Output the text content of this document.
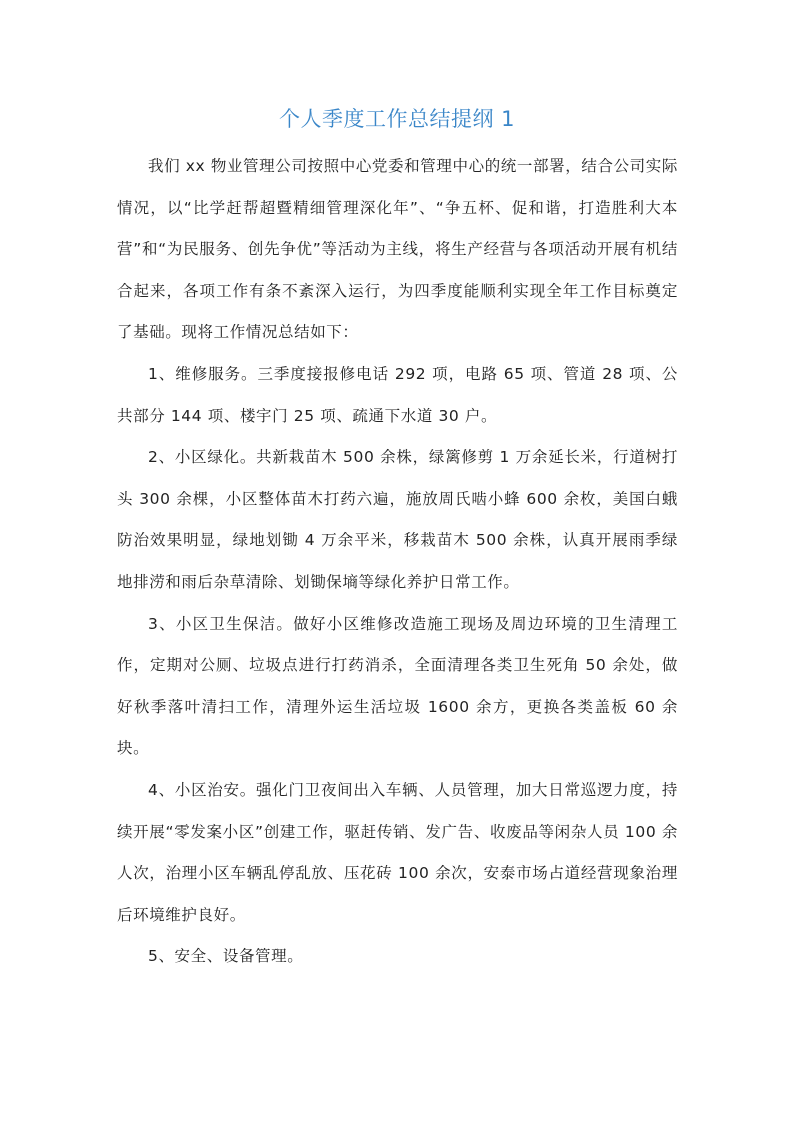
个人季度工作总结提纲 1

我们 xx 物业管理公司按照中心党委和管理中心的统一部署，结合公司实际情况，以“比学赶帮超暨精细管理深化年”、“争五杯、促和谐，打造胜利大本营”和“为民服务、创先争优”等活动为主线，将生产经营与各项活动开展有机结合起来，各项工作有条不紊深入运行，为四季度能顺利实现全年工作目标奠定了基础。现将工作情况总结如下：

1、维修服务。三季度接报修电话 292 项，电路 65 项、管道 28 项、公共部分 144 项、楼宇门 25 项、疏通下水道 30 户。

2、小区绿化。共新栽苗木 500 余株，绿篱修剪 1 万余延长米，行道树打头 300 余棵，小区整体苗木打药六遍，施放周氏啮小蜂 600 余枚，美国白蛾防治效果明显，绿地划锄 4 万余平米，移栽苗木 500 余株，认真开展雨季绿地排涝和雨后杂草清除、划锄保墒等绿化养护日常工作。

3、小区卫生保洁。做好小区维修改造施工现场及周边环境的卫生清理工作，定期对公厕、垃圾点进行打药消杀，全面清理各类卫生死角 50 余处，做好秋季落叶清扫工作，清理外运生活垃圾 1600 余方，更换各类盖板 60 余块。

4、小区治安。强化门卫夜间出入车辆、人员管理，加大日常巡逻力度，持续开展“零发案小区”创建工作，驱赶传销、发广告、收废品等闲杂人员 100 余人次，治理小区车辆乱停乱放、压花砖 100 余次，安泰市场占道经营现象治理后环境维护良好。

5、安全、设备管理。
